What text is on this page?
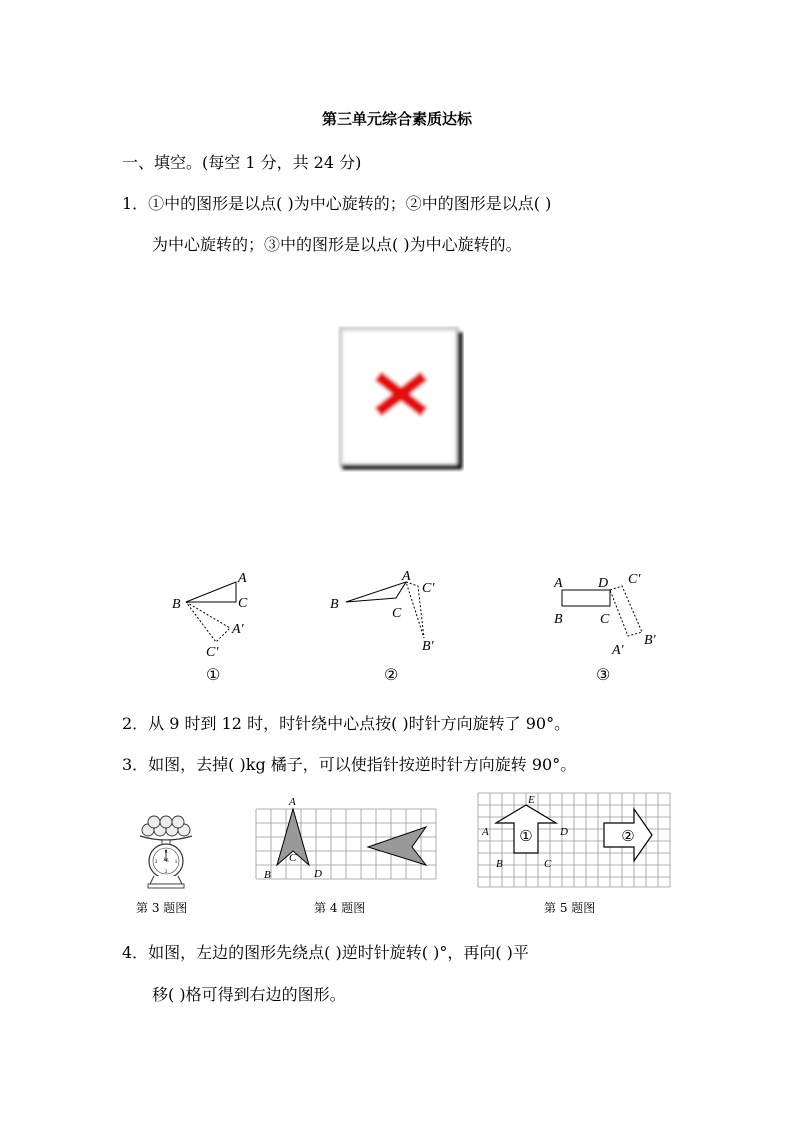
第三单元综合素质达标
一、填空。(每空 1 分，共 24 分)
1．①中的图形是以点( )为中心旋转的；②中的图形是以点( )
为中心旋转的；③中的图形是以点( )为中心旋转的。
A
B	C
A′
C′
①
A
B
C
C′
B′
②
A	D C′
B	C
B′
A′
③
2．从 9 时到 12 时，时针绕中心点按( )时针方向旋转了 90°。
3．如图，去掉( )kg 橘子，可以使指针按逆时针方向旋转 90°。
kg
0
1
2
3
第 3 题图
A
B
C
D
第 4 题图
E
A	D
B	C
①	②
第 5 题图
4．如图，左边的图形先绕点( )逆时针旋转( )°，再向( )平
移( )格可得到右边的图形。
